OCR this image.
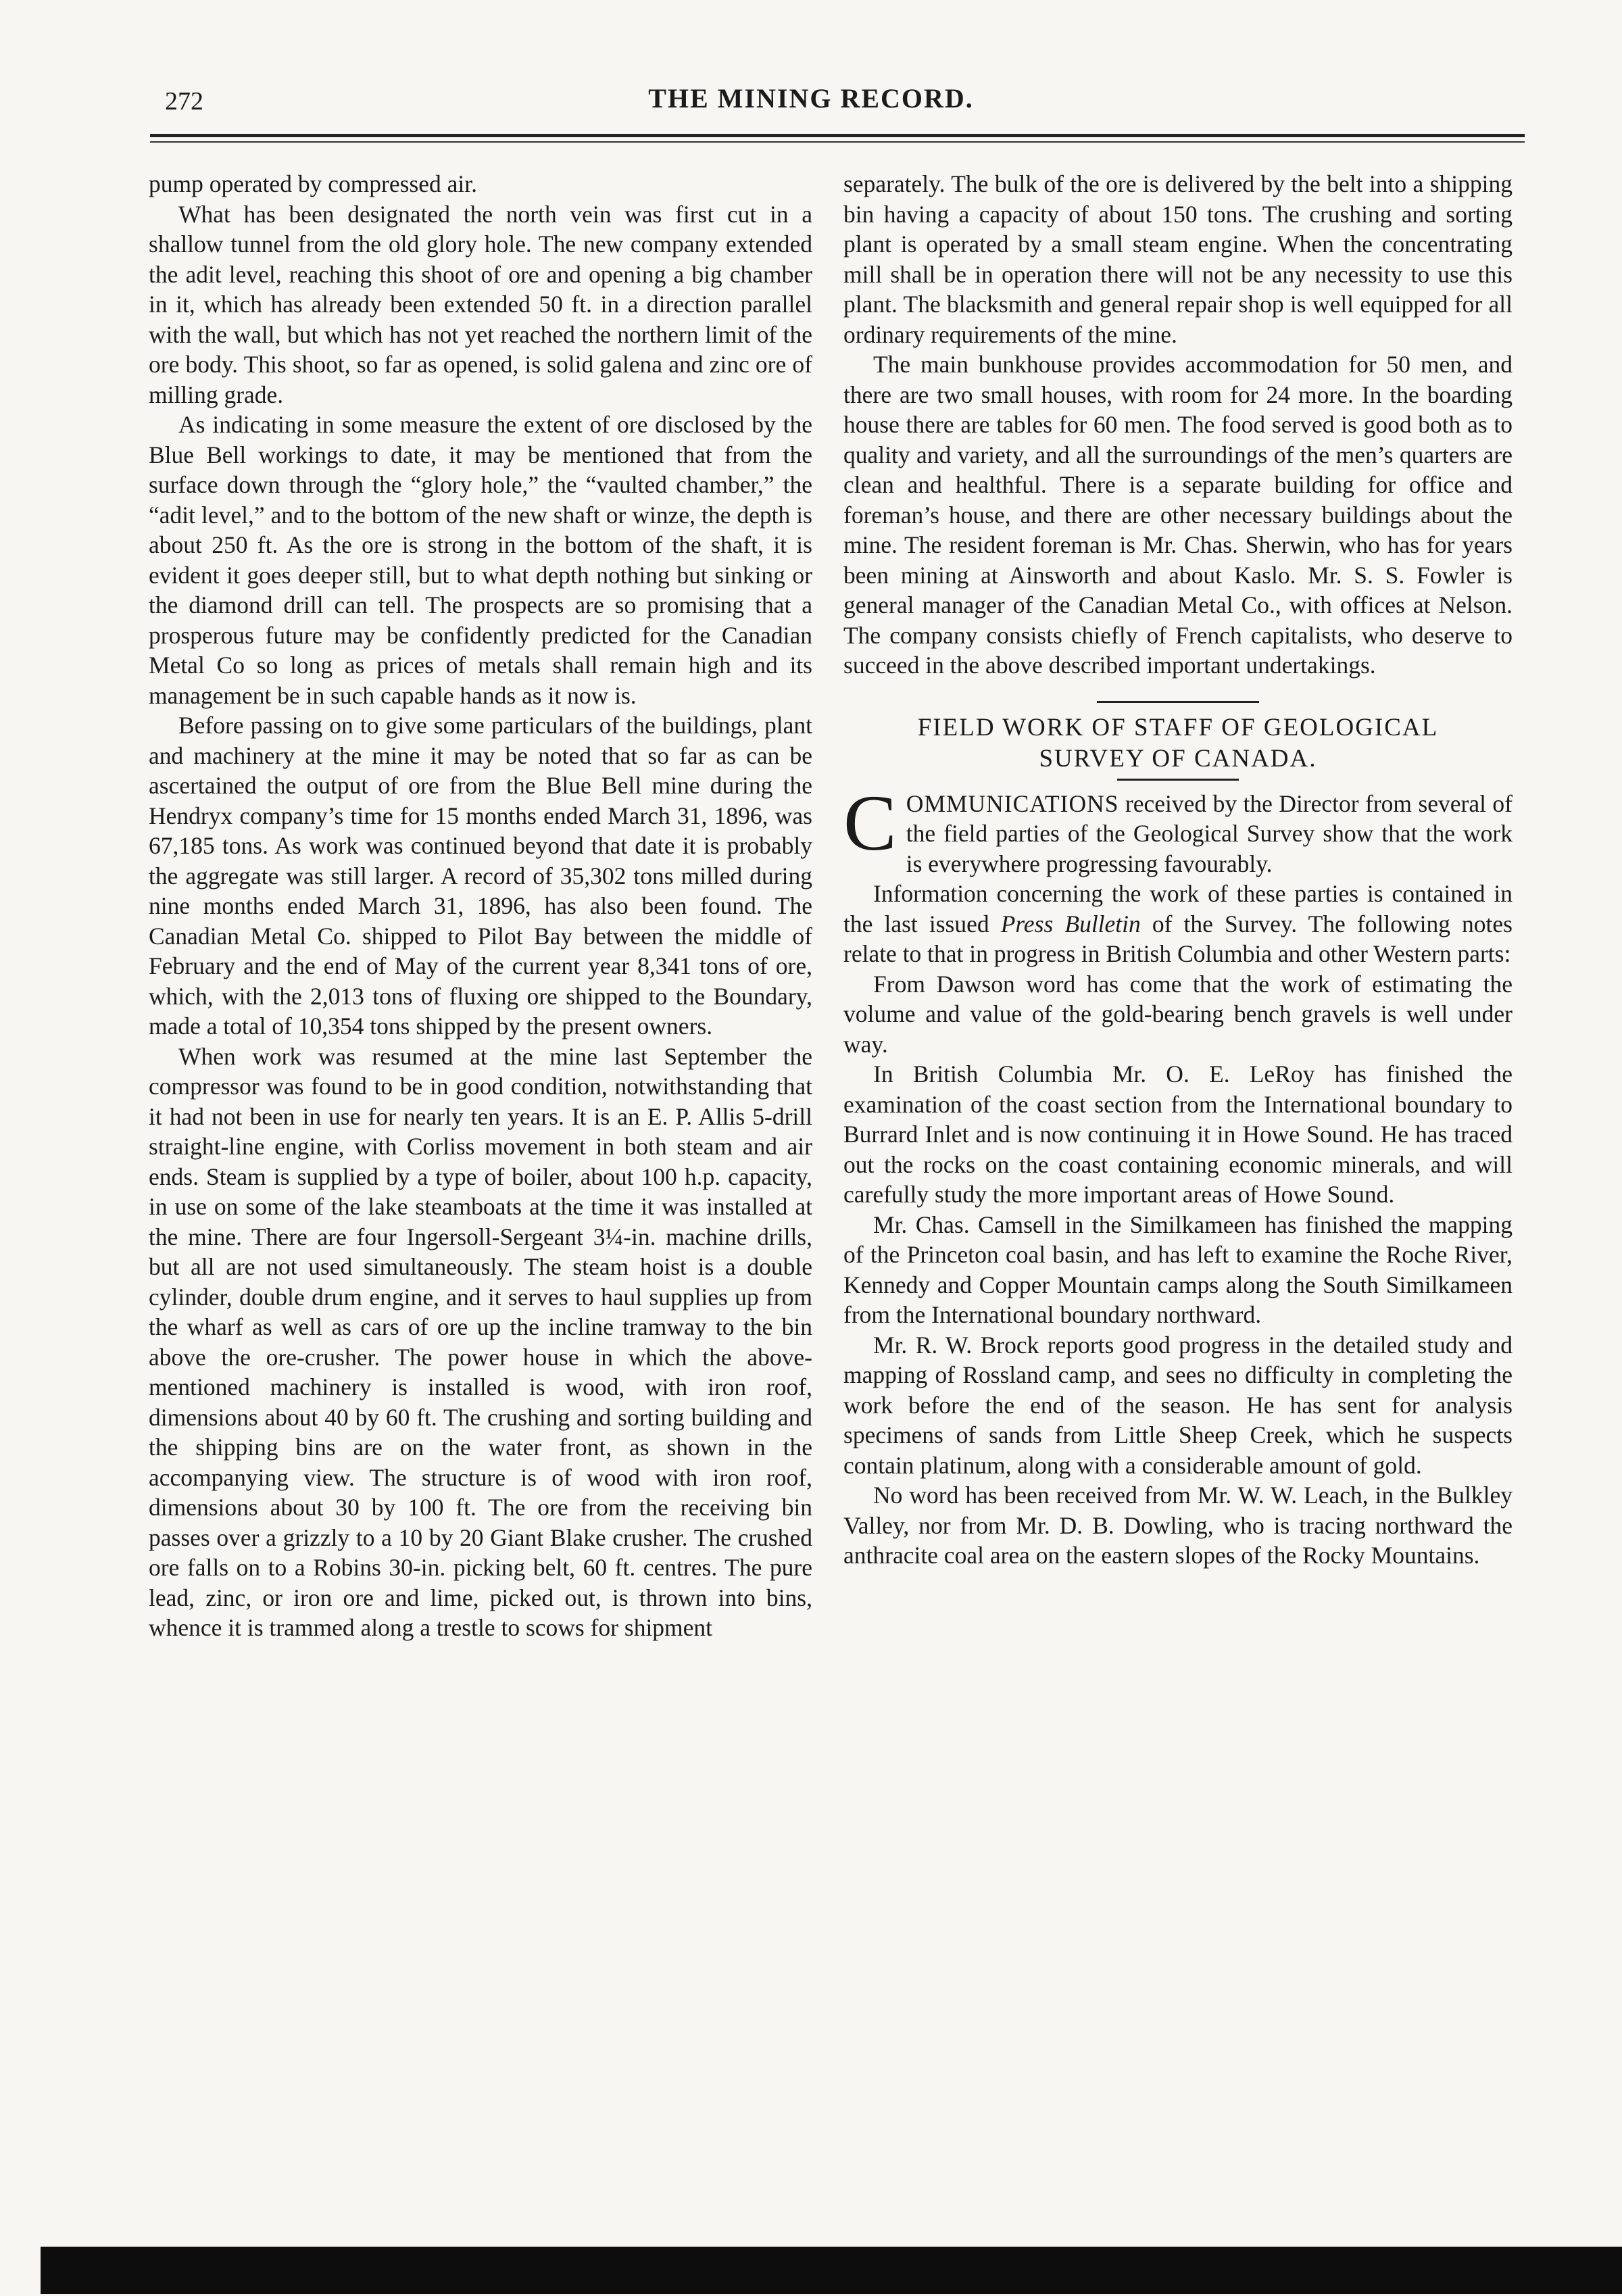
272	THE MINING RECORD.

pump operated by compressed air.

What has been designated the north vein was first cut in a shallow tunnel from the old glory hole. The new company extended the adit level, reaching this shoot of ore and opening a big chamber in it, which has already been extended 50 ft. in a direction parallel with the wall, but which has not yet reached the northern limit of the ore body. This shoot, so far as opened, is solid galena and zinc ore of milling grade.

As indicating in some measure the extent of ore disclosed by the Blue Bell workings to date, it may be mentioned that from the surface down through the “glory hole,” the “vaulted chamber,” the “adit level,” and to the bottom of the new shaft or winze, the depth is about 250 ft. As the ore is strong in the bottom of the shaft, it is evident it goes deeper still, but to what depth nothing but sinking or the diamond drill can tell. The prospects are so promising that a prosperous future may be confidently predicted for the Canadian Metal Co so long as prices of metals shall remain high and its management be in such capable hands as it now is.

Before passing on to give some particulars of the buildings, plant and machinery at the mine it may be noted that so far as can be ascertained the output of ore from the Blue Bell mine during the Hendryx company’s time for 15 months ended March 31, 1896, was 67,185 tons. As work was continued beyond that date it is probably the aggregate was still larger. A record of 35,302 tons milled during nine months ended March 31, 1896, has also been found. The Canadian Metal Co. shipped to Pilot Bay between the middle of February and the end of May of the current year 8,341 tons of ore, which, with the 2,013 tons of fluxing ore shipped to the Boundary, made a total of 10,354 tons shipped by the present owners.

When work was resumed at the mine last September the compressor was found to be in good condition, notwithstanding that it had not been in use for nearly ten years. It is an E. P. Allis 5-drill straight-line engine, with Corliss movement in both steam and air ends. Steam is supplied by a type of boiler, about 100 h.p. capacity, in use on some of the lake steamboats at the time it was installed at the mine. There are four Ingersoll-Sergeant 3¼-in. machine drills, but all are not used simultaneously. The steam hoist is a double cylinder, double drum engine, and it serves to haul supplies up from the wharf as well as cars of ore up the incline tramway to the bin above the ore-crusher. The power house in which the above-mentioned machinery is installed is wood, with iron roof, dimensions about 40 by 60 ft. The crushing and sorting building and the shipping bins are on the water front, as shown in the accompanying view. The structure is of wood with iron roof, dimensions about 30 by 100 ft. The ore from the receiving bin passes over a grizzly to a 10 by 20 Giant Blake crusher. The crushed ore falls on to a Robins 30-in. picking belt, 60 ft. centres. The pure lead, zinc, or iron ore and lime, picked out, is thrown into bins, whence it is trammed along a trestle to scows for shipment

separately. The bulk of the ore is delivered by the belt into a shipping bin having a capacity of about 150 tons. The crushing and sorting plant is operated by a small steam engine. When the concentrating mill shall be in operation there will not be any necessity to use this plant. The blacksmith and general repair shop is well equipped for all ordinary requirements of the mine.

The main bunkhouse provides accommodation for 50 men, and there are two small houses, with room for 24 more. In the boarding house there are tables for 60 men. The food served is good both as to quality and variety, and all the surroundings of the men’s quarters are clean and healthful. There is a separate building for office and foreman’s house, and there are other necessary buildings about the mine. The resident foreman is Mr. Chas. Sherwin, who has for years been mining at Ainsworth and about Kaslo. Mr. S. S. Fowler is general manager of the Canadian Metal Co., with offices at Nelson. The company consists chiefly of French capitalists, who deserve to succeed in the above described important undertakings.

FIELD WORK OF STAFF OF GEOLOGICAL
SURVEY OF CANADA.

COMMUNICATIONS received by the Director from several of the field parties of the Geological Survey show that the work is everywhere progressing favourably.

Information concerning the work of these parties is contained in the last issued Press Bulletin of the Survey. The following notes relate to that in progress in British Columbia and other Western parts:

From Dawson word has come that the work of estimating the volume and value of the gold-bearing bench gravels is well under way.

In British Columbia Mr. O. E. LeRoy has finished the examination of the coast section from the International boundary to Burrard Inlet and is now continuing it in Howe Sound. He has traced out the rocks on the coast containing economic minerals, and will carefully study the more important areas of Howe Sound.

Mr. Chas. Camsell in the Similkameen has finished the mapping of the Princeton coal basin, and has left to examine the Roche River, Kennedy and Copper Mountain camps along the South Similkameen from the International boundary northward.

Mr. R. W. Brock reports good progress in the detailed study and mapping of Rossland camp, and sees no difficulty in completing the work before the end of the season. He has sent for analysis specimens of sands from Little Sheep Creek, which he suspects contain platinum, along with a considerable amount of gold.

No word has been received from Mr. W. W. Leach, in the Bulkley Valley, nor from Mr. D. B. Dowling, who is tracing northward the anthracite coal area on the eastern slopes of the Rocky Mountains.
